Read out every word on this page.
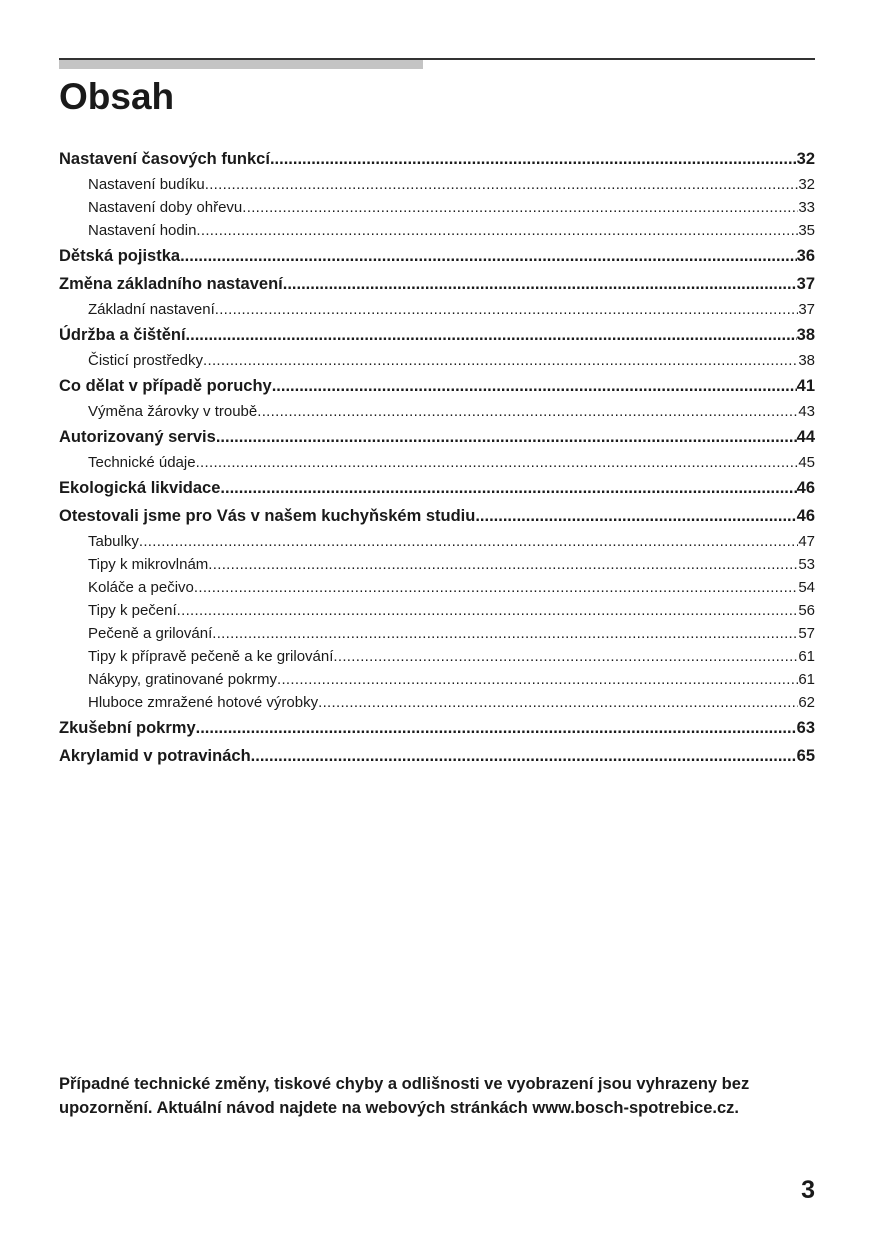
Obsah
Nastavení časových funkcí .....	32
Nastavení budíku .....	32
Nastavení doby ohřevu .....	33
Nastavení hodin .....	35
Dětská pojistka .....	36
Změna základního nastavení .....	37
Základní nastavení .....	37
Údržba a čištění .....	38
Čisticí prostředky .....	38
Co dělat v případě poruchy .....	41
Výměna žárovky v troubě .....	43
Autorizovaný servis .....	44
Technické údaje .....	45
Ekologická likvidace .....	46
Otestovali jsme pro Vás v našem kuchyňském studiu .....	46
Tabulky .....	47
Tipy k mikrovlnám .....	53
Koláče a pečivo .....	54
Tipy k pečení .....	56
Pečeně a grilování .....	57
Tipy k přípravě pečeně a ke grilování .....	61
Nákypy, gratinované pokrmy .....	61
Hluboce zmražené hotové výrobky .....	62
Zkušební pokrmy .....	63
Akrylamid v potravinách .....	65

Případné technické změny, tiskové chyby a odlišnosti ve vyobrazení jsou vyhrazeny bez upozornění. Aktuální návod najdete na webových stránkách www.bosch-spotrebice.cz.

3
